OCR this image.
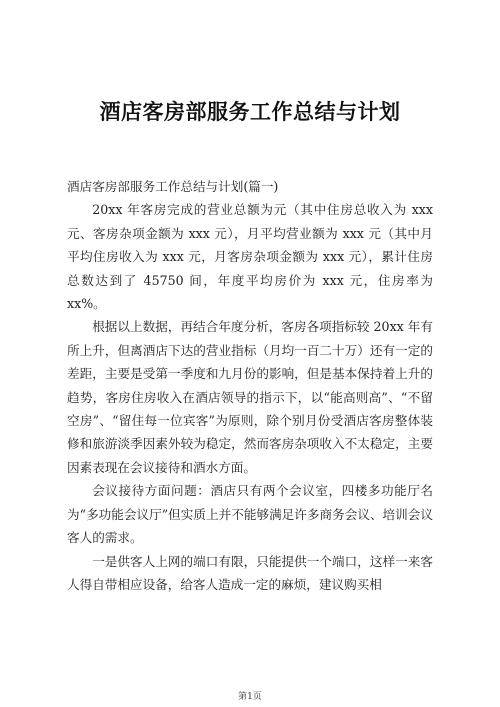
酒店客房部服务工作总结与计划

酒店客房部服务工作总结与计划(篇一)

20xx 年客房完成的营业总额为元（其中住房总收入为 xxx 元、客房杂项金额为 xxx 元），月平均营业额为 xxx 元（其中月平均住房收入为 xxx 元，月客房杂项金额为 xxx 元），累计住房总数达到了 45750 间，年度平均房价为 xxx 元，住房率为 xx%。

根据以上数据，再结合年度分析，客房各项指标较 20xx 年有所上升，但离酒店下达的营业指标（月均一百二十万）还有一定的差距，主要是受第一季度和九月份的影响，但是基本保持着上升的趋势，客房住房收入在酒店领导的指示下，以“能高则高”、“不留空房”、“留住每一位宾客”为原则，除个别月份受酒店客房整体装修和旅游淡季因素外较为稳定，然而客房杂项收入不太稳定，主要因素表现在会议接待和酒水方面。

会议接待方面问题：酒店只有两个会议室，四楼多功能厅名为“多功能会议厅”但实质上并不能够满足许多商务会议、培训会议客人的需求。

一是供客人上网的端口有限，只能提供一个端口，这样一来客人得自带相应设备，给客人造成一定的麻烦，建议购买相

第1页
